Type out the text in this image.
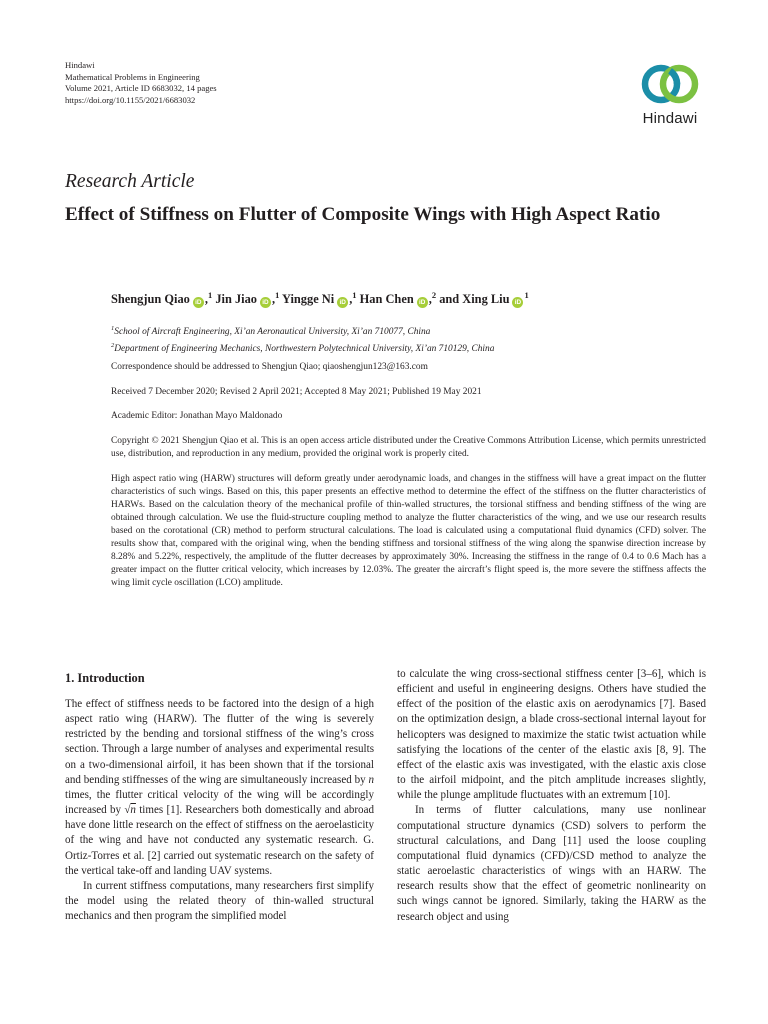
Hindawi
Mathematical Problems in Engineering
Volume 2021, Article ID 6683032, 14 pages
https://doi.org/10.1155/2021/6683032
Hindawi
Research Article
Effect of Stiffness on Flutter of Composite Wings with High Aspect Ratio
Shengjun Qiao iD ,$^1$ Jin Jiao iD ,$^1$ Yingge Ni iD ,$^1$ Han Chen iD ,$^2$ and Xing Liu $iD^1$
$^1$School of Aircraft Engineering, Xi’an Aeronautical University, Xi’an 710077, China
$^2$Department of Engineering Mechanics, Northwestern Polytechnical University, Xi’an 710129, China
Correspondence should be addressed to Shengjun Qiao; qiaoshengjun123@163.com
Received 7 December 2020; Revised 2 April 2021; Accepted 8 May 2021; Published 19 May 2021
Academic Editor: Jonathan Mayo Maldonado
Copyright © 2021 Shengjun Qiao et al. This is an open access article distributed under the Creative Commons Attribution License, which permits unrestricted use, distribution, and reproduction in any medium, provided the original work is properly cited.
High aspect ratio wing (HARW) structures will deform greatly under aerodynamic loads, and changes in the stiffness will have a great impact on the flutter characteristics of such wings. Based on this, this paper presents an effective method to determine the effect of the stiffness on the flutter characteristics of HARWs. Based on the calculation theory of the mechanical profile of thin-walled structures, the torsional stiffness and bending stiffness of the wing are obtained through calculation. We use the fluid-structure coupling method to analyze the flutter characteristics of the wing, and we use our research results based on the corotational (CR) method to perform structural calculations. The load is calculated using a computational fluid dynamics (CFD) solver. The results show that, compared with the original wing, when the bending stiffness and torsional stiffness of the wing along the spanwise direction increase by 8.28% and 5.22%, respectively, the amplitude of the flutter decreases by approximately 30%. Increasing the stiffness in the range of 0.4 to 0.6 Mach has a greater impact on the flutter critical velocity, which increases by 12.03%. The greater the aircraft’s flight speed is, the more severe the stiffness affects the wing limit cycle oscillation (LCO) amplitude.
1. Introduction

The effect of stiffness needs to be factored into the design of a high aspect ratio wing (HARW). The flutter of the wing is severely restricted by the bending and torsional stiffness of the wing’s cross section. Through a large number of analyses and experimental results on a two-dimensional airfoil, it has been shown that if the torsional and bending stiffnesses of the wing are simultaneously increased by n times, the flutter critical velocity of the wing will be accordingly increased by √n times [1]. Researchers both domestically and abroad have done little research on the effect of stiffness on the aeroelasticity of the wing and have not conducted any systematic research. G. Ortiz-Torres et al. [2] carried out systematic research on the safety of the vertical take-off and landing UAV systems.

In current stiffness computations, many researchers first simplify the model using the related theory of thin-walled structural mechanics and then program the simplified model

to calculate the wing cross-sectional stiffness center [3–6], which is efficient and useful in engineering designs. Others have studied the effect of the position of the elastic axis on aerodynamics [7]. Based on the optimization design, a blade cross-sectional internal layout for helicopters was designed to maximize the static twist actuation while satisfying the locations of the center of the elastic axis [8, 9]. The effect of the elastic axis was investigated, with the elastic axis close to the airfoil midpoint, and the pitch amplitude increases slightly, while the plunge amplitude fluctuates with an extremum [10].

In terms of flutter calculations, many use nonlinear computational structure dynamics (CSD) solvers to perform the structural calculations, and Dang [11] used the loose coupling computational fluid dynamics (CFD)/CSD method to analyze the static aeroelastic characteristics of wings with an HARW. The research results show that the effect of geometric nonlinearity on such wings cannot be ignored. Similarly, taking the HARW as the research object and using
